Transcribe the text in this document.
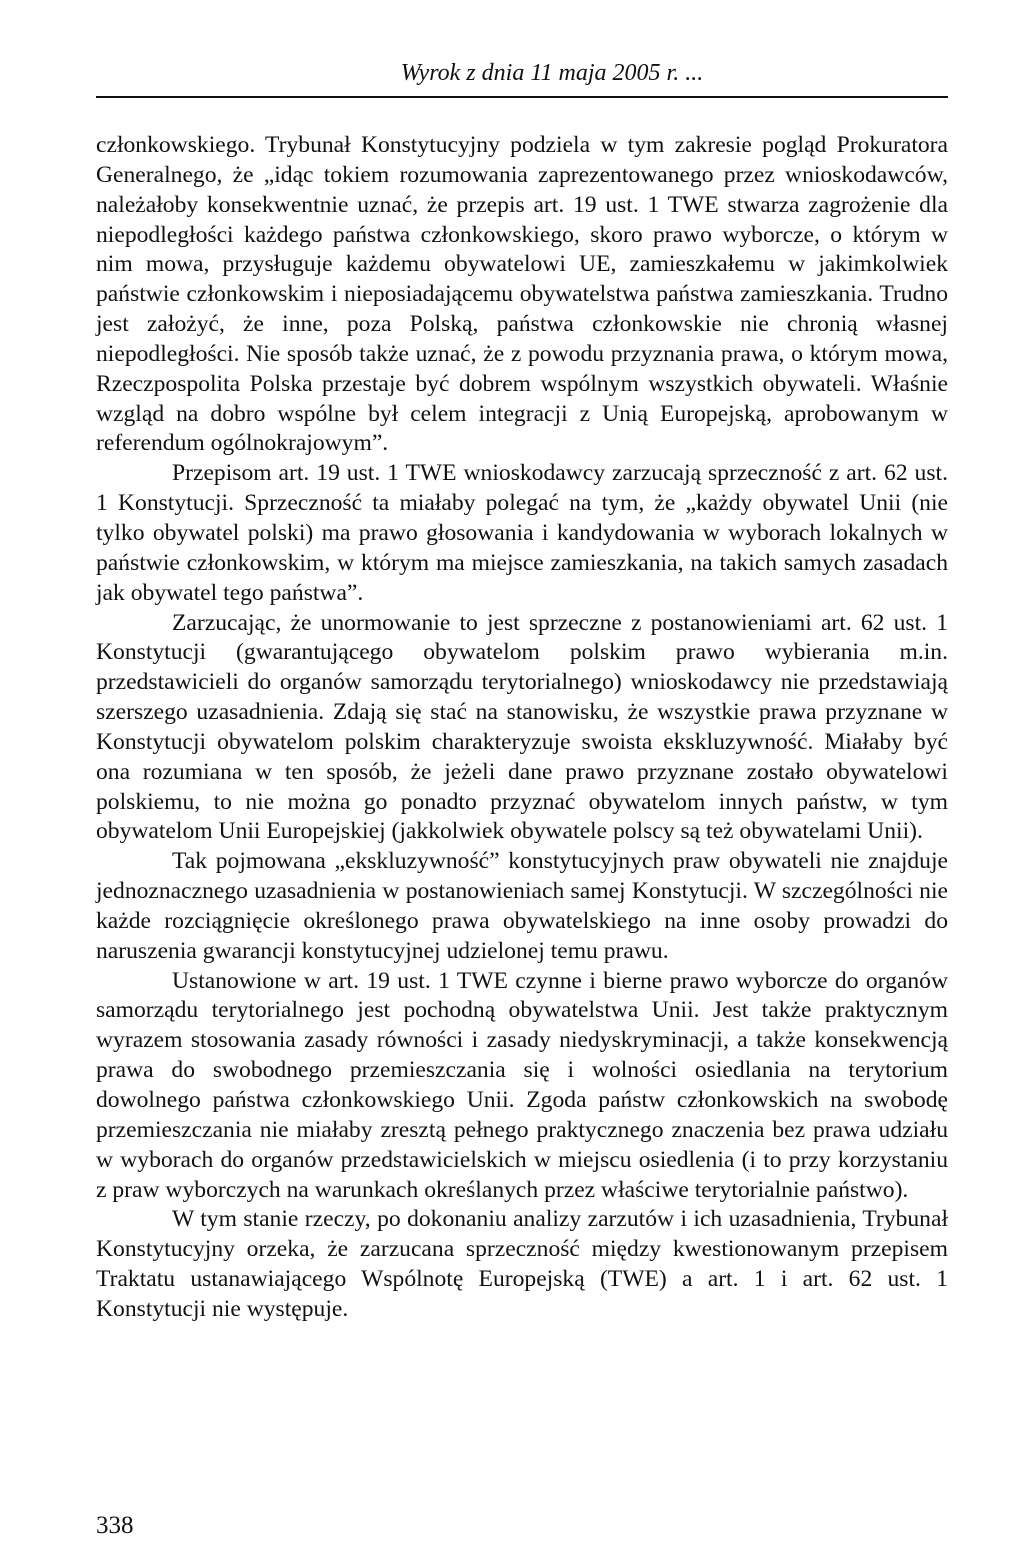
Wyrok z dnia 11 maja 2005 r. ...

członkowskiego. Trybunał Konstytucyjny podziela w tym zakresie pogląd Prokuratora Generalnego, że „idąc tokiem rozumowania zaprezentowanego przez wnioskodawców, należałoby konsekwentnie uznać, że przepis art. 19 ust. 1 TWE stwarza zagrożenie dla niepodległości każdego państwa członkowskiego, skoro prawo wyborcze, o którym w nim mowa, przysługuje każdemu obywatelowi UE, zamieszkałemu w jakimkolwiek państwie członkowskim i nieposiadającemu obywatelstwa państwa zamieszkania. Trudno jest założyć, że inne, poza Polską, państwa członkowskie nie chronią własnej niepodległości. Nie sposób także uznać, że z powodu przyznania prawa, o którym mowa, Rzeczpospolita Polska przestaje być dobrem wspólnym wszystkich obywateli. Właśnie wzgląd na dobro wspólne był celem integracji z Unią Europejską, aprobowanym w referendum ogólnokrajowym”.

Przepisom art. 19 ust. 1 TWE wnioskodawcy zarzucają sprzeczność z art. 62 ust. 1 Konstytucji. Sprzeczność ta miałaby polegać na tym, że „każdy obywatel Unii (nie tylko obywatel polski) ma prawo głosowania i kandydowania w wyborach lokalnych w państwie członkowskim, w którym ma miejsce zamieszkania, na takich samych zasadach jak obywatel tego państwa”.

Zarzucając, że unormowanie to jest sprzeczne z postanowieniami art. 62 ust. 1 Konstytucji (gwarantującego obywatelom polskim prawo wybierania m.in. przedstawicieli do organów samorządu terytorialnego) wnioskodawcy nie przedstawiają szerszego uzasadnienia. Zdają się stać na stanowisku, że wszystkie prawa przyznane w Konstytucji obywatelom polskim charakteryzuje swoista ekskluzywność. Miałaby być ona rozumiana w ten sposób, że jeżeli dane prawo przyznane zostało obywatelowi polskiemu, to nie można go ponadto przyznać obywatelom innych państw, w tym obywatelom Unii Europejskiej (jakkolwiek obywatele polscy są też obywatelami Unii).

Tak pojmowana „ekskluzywność” konstytucyjnych praw obywateli nie znajduje jednoznacznego uzasadnienia w postanowieniach samej Konstytucji. W szczególności nie każde rozciągnięcie określonego prawa obywatelskiego na inne osoby prowadzi do naruszenia gwarancji konstytucyjnej udzielonej temu prawu.

Ustanowione w art. 19 ust. 1 TWE czynne i bierne prawo wyborcze do organów samorządu terytorialnego jest pochodną obywatelstwa Unii. Jest także praktycznym wyrazem stosowania zasady równości i zasady niedyskryminacji, a także konsekwencją prawa do swobodnego przemieszczania się i wolności osiedlania na terytorium dowolnego państwa członkowskiego Unii. Zgoda państw członkowskich na swobodę przemieszczania nie miałaby zresztą pełnego praktycznego znaczenia bez prawa udziału w wyborach do organów przedstawicielskich w miejscu osiedlenia (i to przy korzystaniu z praw wyborczych na warunkach określanych przez właściwe terytorialnie państwo).

W tym stanie rzeczy, po dokonaniu analizy zarzutów i ich uzasadnienia, Trybunał Konstytucyjny orzeka, że zarzucana sprzeczność między kwestionowanym przepisem Traktatu ustanawiającego Wspólnotę Europejską (TWE) a art. 1 i art. 62 ust. 1 Konstytucji nie występuje.

338
